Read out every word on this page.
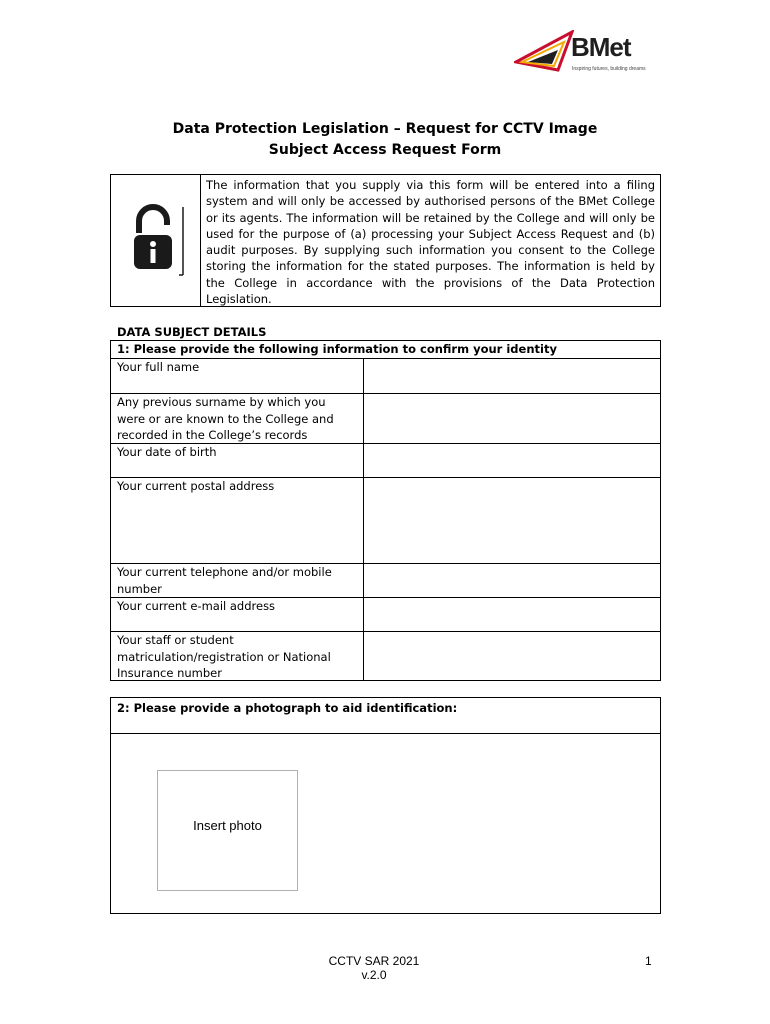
BMet
Inspiring futures, building dreams
Data Protection Legislation – Request for CCTV Image
Subject Access Request Form
The information that you supply via this form will be entered into a filing system and will only be accessed by authorised persons of the BMet College or its agents. The information will be retained by the College and will only be used for the purpose of (a) processing your Subject Access Request and (b) audit purposes. By supplying such information you consent to the College storing the information for the stated purposes. The information is held by the College in accordance with the provisions of the Data Protection Legislation.
DATA SUBJECT DETAILS
1: Please provide the following information to confirm your identity
Your full name
Any previous surname by which you were or are known to the College and recorded in the College’s records
Your date of birth
Your current postal address
Your current telephone and/or mobile number
Your current e-mail address
Your staff or student matriculation/registration or National Insurance number
2: Please provide a photograph to aid identification:
Insert photo
CCTV SAR 2021
v.2.0
1
